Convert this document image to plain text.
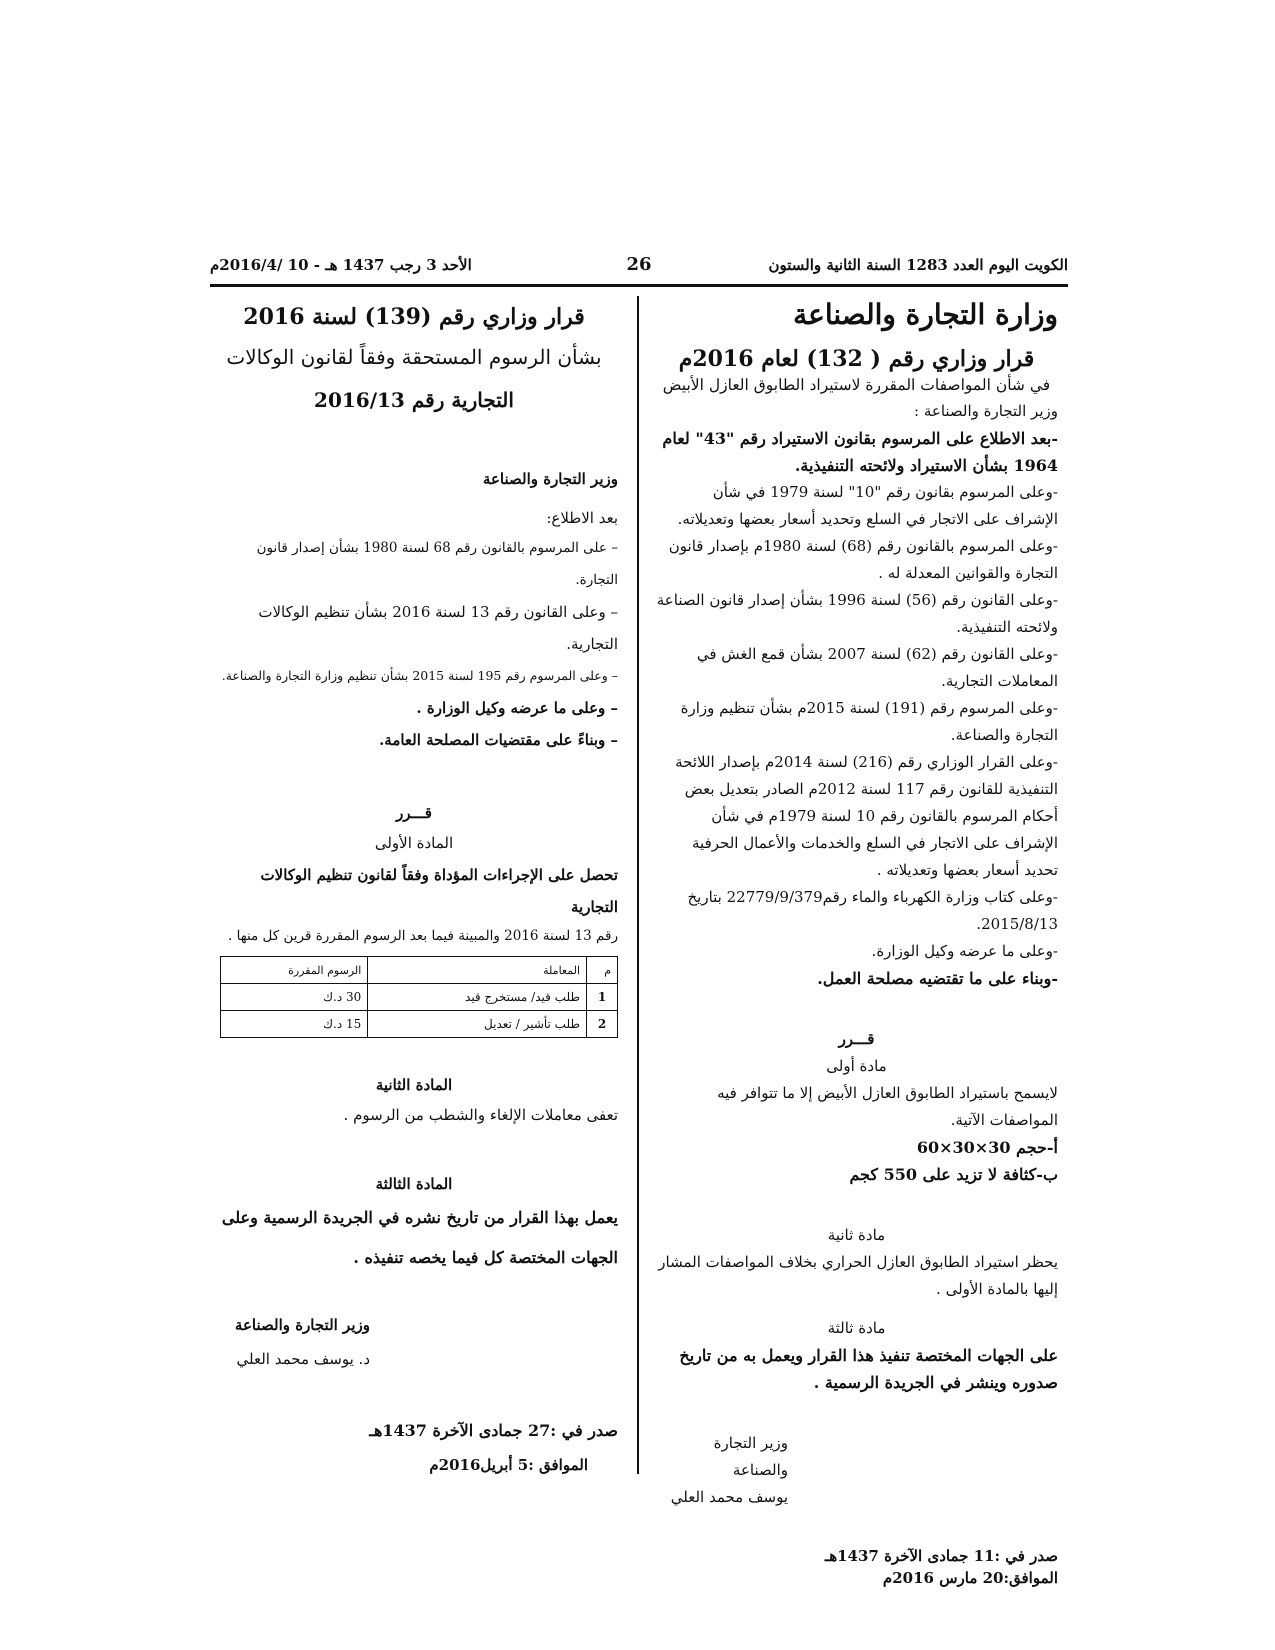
الكويت اليوم العدد 1283 السنة الثانية والستون
26
الأحد 3 رجب 1437 هـ - 10 /2016/4م

وزارة التجارة والصناعة

قرار وزاري رقم ( 132) لعام 2016م

في شأن المواصفات المقررة لاستيراد الطابوق العازل الأبيض

وزير التجارة والصناعة :

-بعد الاطلاع على المرسوم بقانون الاستيراد رقم "43" لعام 1964 بشأن الاستيراد ولائحته التنفيذية.

-وعلى المرسوم بقانون رقم "10" لسنة 1979 في شأن الإشراف على الاتجار في السلع وتحديد أسعار بعضها وتعديلاته.

-وعلى المرسوم بالقانون رقم (68) لسنة 1980م بإصدار قانون التجارة والقوانين المعدلة له .

-وعلى القانون رقم (56) لسنة 1996 بشأن إصدار قانون الصناعة ولائحته التنفيذية.

-وعلى القانون رقم (62) لسنة 2007 بشأن قمع الغش في المعاملات التجارية.

-وعلى المرسوم رقم (191) لسنة 2015م بشأن تنظيم وزارة التجارة والصناعة.

-وعلى القرار الوزاري رقم (216) لسنة 2014م بإصدار اللائحة التنفيذية للقانون رقم 117 لسنة 2012م الصادر بتعديل بعض أحكام المرسوم بالقانون رقم 10 لسنة 1979م في شأن الإشراف على الاتجار في السلع والخدمات والأعمال الحرفية تحديد أسعار بعضها وتعديلاته .

-وعلى كتاب وزارة الكهرباء والماء رقم22779/9/379 بتاريخ 2015/8/13.

-وعلى ما عرضه وكيل الوزارة.

-وبناء على ما تقتضيه مصلحة العمل.

قـــرر

مادة أولى

لايسمح باستيراد الطابوق العازل الأبيض إلا ما تتوافر فيه المواصفات الآتية.

أ-حجم 30×30×60

ب-كثافة لا تزيد على 550 كجم

مادة ثانية

يحظر استيراد الطابوق العازل الحراري بخلاف المواصفات المشار إليها بالمادة الأولى .

مادة ثالثة

على الجهات المختصة تنفيذ هذا القرار ويعمل به من تاريخ صدوره وينشر في الجريدة الرسمية .

وزير التجارة والصناعة

يوسف محمد العلي

صدر في :11 جمادى الآخرة 1437هـ

الموافق:20 مارس 2016م

قرار وزاري رقم (139) لسنة 2016

بشأن الرسوم المستحقة وفقاً لقانون الوكالات

التجارية رقم 2016/13

وزير التجارة والصناعة

بعد الاطلاع:

– على المرسوم بالقانون رقم 68 لسنة 1980 بشأن إصدار قانون التجارة.

– وعلى القانون رقم 13 لسنة 2016 بشأن تنظيم الوكالات التجارية.

– وعلى المرسوم رقم 195 لسنة 2015 بشأن تنظيم وزارة التجارة والصناعة.

– وعلى ما عرضه وكيل الوزارة .

– وبناءً على مقتضيات المصلحة العامة.

قـــرر

المادة الأولى

تحصل على الإجراءات المؤداة وفقاً لقانون تنظيم الوكالات التجارية

رقم 13 لسنة 2016 والمبينة فيما بعد الرسوم المقررة قرين كل منها .

م	المعاملة	الرسوم المقررة
1	طلب قيد/ مستخرج قيد	30 د.ك
2	طلب تأشير / تعديل	15 د.ك

المادة الثانية

تعفى معاملات الإلغاء والشطب من الرسوم .

المادة الثالثة

يعمل بهذا القرار من تاريخ نشره في الجريدة الرسمية وعلى الجهات المختصة كل فيما يخصه تنفيذه .

وزير التجارة والصناعة

د. يوسف محمد العلي

صدر في :27 جمادى الآخرة 1437هـ

الموافق :5 أبريل2016م
